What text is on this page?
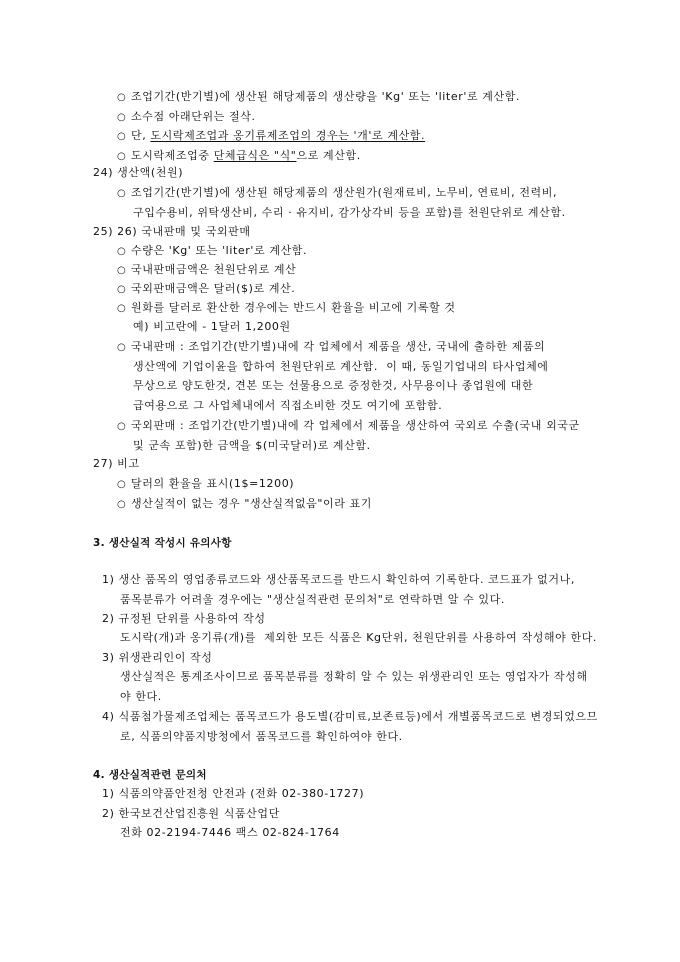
○ 조업기간(반기별)에 생산된 해당제품의 생산량을 'Kg' 또는 'liter'로 계산함.
○ 소수점 아래단위는 절삭.
○ 단, 도시락제조업과 옹기류제조업의 경우는 '개'로 계산함.
○ 도시락제조업중 단체급식은 "식"으로 계산함.
24) 생산액(천원)
○ 조업기간(반기별)에 생산된 해당제품의 생산원가(원재료비, 노무비, 연료비, 전력비,
구입수용비, 위탁생산비, 수리 · 유지비, 감가상각비 등을 포함)를 천원단위로 계산함.
25) 26) 국내판매 및 국외판매
○ 수량은 'Kg' 또는 'liter'로 계산함.
○ 국내판매금액은 천원단위로 계산
○ 국외판매금액은 달러($)로 계산.
○ 원화를 달러로 환산한 경우에는 반드시 환율을 비고에 기록할 것
예) 비고란에 - 1달러 1,200원
○ 국내판매 : 조업기간(반기별)내에 각 업체에서 제품을 생산, 국내에 출하한 제품의
생산액에 기업이윤을 합하여 천원단위로 계산함.  이 때, 동일기업내의 타사업체에
무상으로 양도한것, 견본 또는 선물용으로 증정한것, 사무용이나 종업원에 대한
급여용으로 그 사업체내에서 직접소비한 것도 여기에 포함함.
○ 국외판매 : 조업기간(반기별)내에 각 업체에서 제품을 생산하여 국외로 수출(국내 외국군
및 군속 포함)한 금액을 $(미국달러)로 계산함.
27) 비고
○ 달러의 환율을 표시(1$=1200)
○ 생산실적이 없는 경우 "생산실적없음"이라 표기
3. 생산실적 작성시 유의사항
1) 생산 품목의 영업종류코드와 생산품목코드를 반드시 확인하여 기록한다. 코드표가 없거나,
품목분류가 어려울 경우에는 "생산실적관련 문의처"로 연락하면 알 수 있다.
2) 규정된 단위를 사용하여 작성
도시락(개)과 옹기류(개)를  제외한 모든 식품은 Kg단위, 천원단위를 사용하여 작성해야 한다.
3) 위생관리인이 작성
생산실적은 통계조사이므로 품목분류를 정확히 알 수 있는 위생관리인 또는 영업자가 작성해
야 한다.
4) 식품첨가물제조업체는 품목코드가 용도별(감미료,보존료등)에서 개별품목코드로 변경되었으므
로, 식품의약품지방청에서 품목코드를 확인하여야 한다.
4. 생산실적관련 문의처
1) 식품의약품안전청 안전과 (전화 02-380-1727)
2) 한국보건산업진흥원 식품산업단
전화 02-2194-7446 팩스 02-824-1764
